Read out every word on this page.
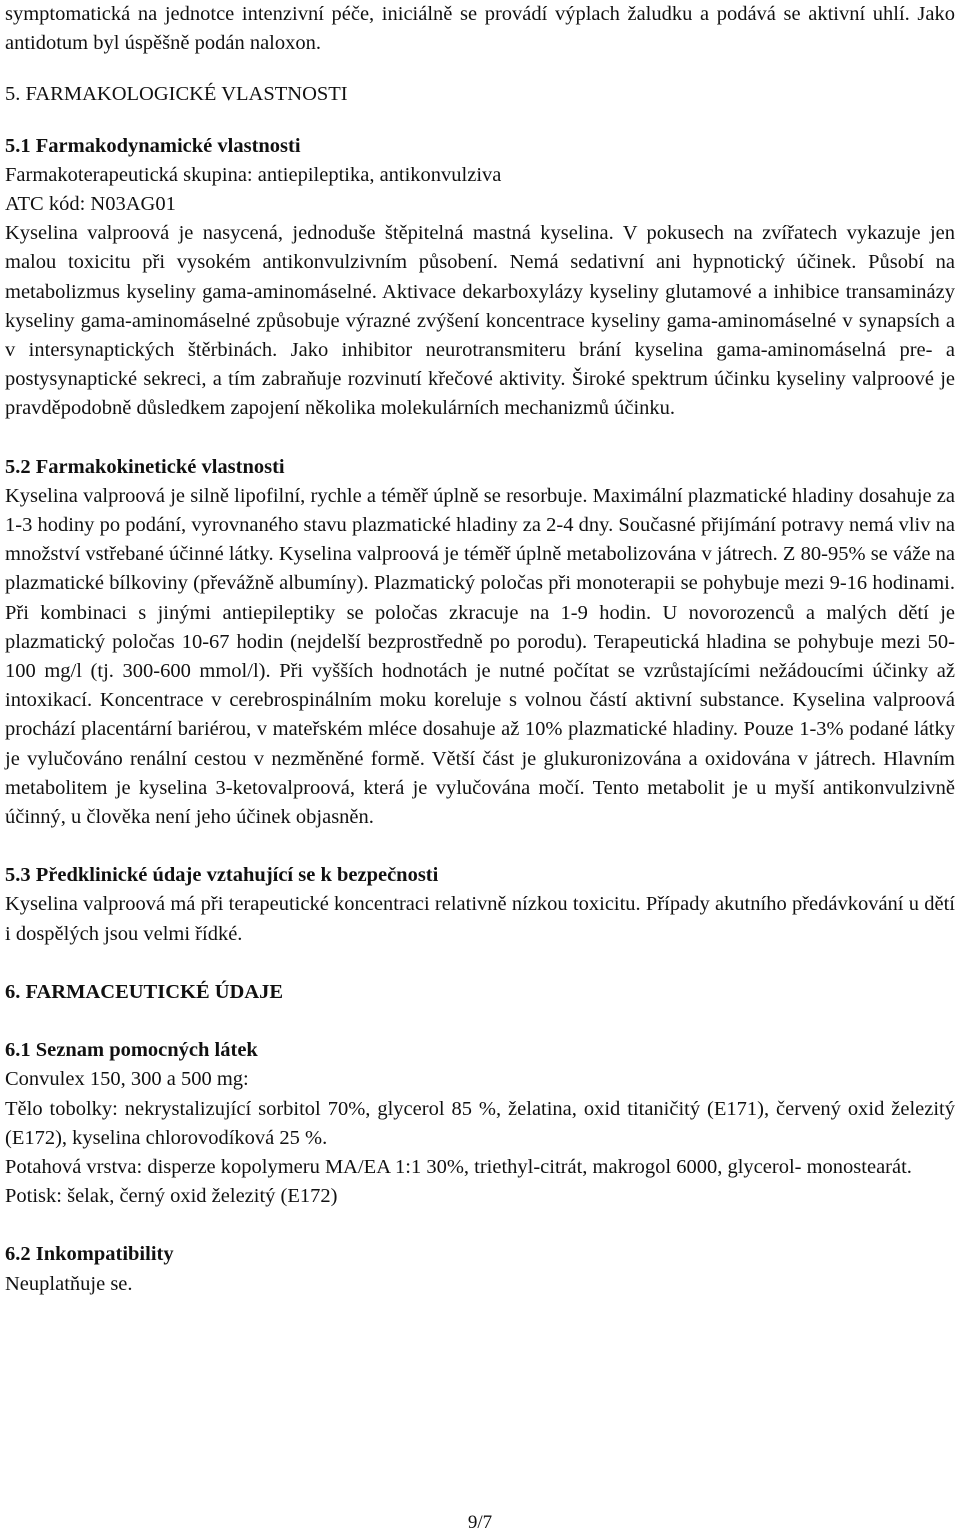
symptomatická na jednotce intenzivní péče, iniciálně se provádí výplach žaludku a podává se aktivní uhlí. Jako antidotum byl úspěšně podán naloxon.

5. FARMAKOLOGICKÉ VLASTNOSTI

5.1 Farmakodynamické vlastnosti

Farmakoterapeutická skupina: antiepileptika, antikonvulziva

ATC kód: N03AG01

Kyselina valproová je nasycená, jednoduše štěpitelná mastná kyselina. V pokusech na zvířatech vykazuje jen malou toxicitu při vysokém antikonvulzivním působení. Nemá sedativní ani hypnotický účinek. Působí na metabolizmus kyseliny gama-aminomáselné. Aktivace dekarboxylázy kyseliny glutamové a inhibice transaminázy kyseliny gama-aminomáselné způsobuje výrazné zvýšení koncentrace kyseliny gama-aminomáselné v synapsích a v intersynaptických štěrbinách. Jako inhibitor neurotransmiteru brání kyselina gama-aminomáselná pre- a postysynaptické sekreci, a tím zabraňuje rozvinutí křečové aktivity. Široké spektrum účinku kyseliny valproové je pravděpodobně důsledkem zapojení několika molekulárních mechanizmů účinku.

5.2 Farmakokinetické vlastnosti

Kyselina valproová je silně lipofilní, rychle a téměř úplně se resorbuje. Maximální plazmatické hladiny dosahuje za 1-3 hodiny po podání, vyrovnaného stavu plazmatické hladiny za 2-4 dny. Současné přijímání potravy nemá vliv na množství vstřebané účinné látky. Kyselina valproová je téměř úplně metabolizována v játrech. Z 80-95% se váže na plazmatické bílkoviny (převážně albumíny). Plazmatický poločas při monoterapii se pohybuje mezi 9-16 hodinami. Při kombinaci s jinými antiepileptiky se poločas zkracuje na 1-9 hodin. U novorozenců a malých dětí je plazmatický poločas 10-67 hodin (nejdelší bezprostředně po porodu). Terapeutická hladina se pohybuje mezi 50-100 mg/l (tj. 300-600 mmol/l). Při vyšších hodnotách je nutné počítat se vzrůstajícími nežádoucími účinky až intoxikací. Koncentrace v cerebrospinálním moku koreluje s volnou částí aktivní substance. Kyselina valproová prochází placentární bariérou, v mateřském mléce dosahuje až 10% plazmatické hladiny. Pouze 1-3% podané látky je vylučováno renální cestou v nezměněné formě. Větší část je glukuronizována a oxidována v játrech. Hlavním metabolitem je kyselina 3-ketovalproová, která je vylučována močí. Tento metabolit je u myší antikonvulzivně účinný, u člověka není jeho účinek objasněn.

5.3 Předklinické údaje vztahující se k bezpečnosti

Kyselina valproová má při terapeutické koncentraci relativně nízkou toxicitu. Případy akutního předávkování u dětí i dospělých jsou velmi řídké.

6. FARMACEUTICKÉ ÚDAJE

6.1 Seznam pomocných látek

Convulex 150, 300 a 500 mg:

Tělo tobolky: nekrystalizující sorbitol 70%, glycerol 85 %, želatina, oxid titaničitý (E171), červený oxid železitý (E172), kyselina chlorovodíková 25 %.

Potahová vrstva: disperze kopolymeru MA/EA 1:1 30%, triethyl-citrát, makrogol 6000, glycerol- monostearát.

Potisk: šelak, černý oxid železitý (E172)

6.2 Inkompatibility

Neuplatňuje se.

9/7
